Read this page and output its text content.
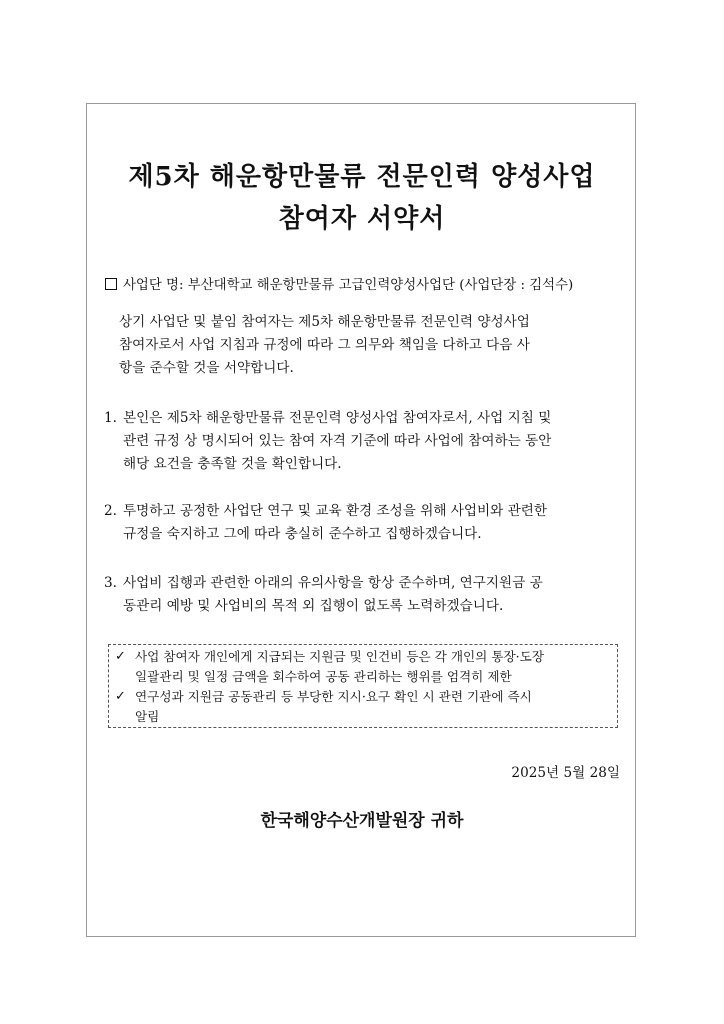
제5차 해운항만물류 전문인력 양성사업
참여자 서약서
사업단 명: 부산대학교 해운항만물류 고급인력양성사업단 (사업단장 : 김석수)
상기 사업단 및 붙임 참여자는 제5차 해운항만물류 전문인력 양성사업
참여자로서 사업 지침과 규정에 따라 그 의무와 책임을 다하고 다음 사
항을 준수할 것을 서약합니다.
1. 본인은 제5차 해운항만물류 전문인력 양성사업 참여자로서, 사업 지침 및
관련 규정 상 명시되어 있는 참여 자격 기준에 따라 사업에 참여하는 동안
해당 요건을 충족할 것을 확인합니다.
2. 투명하고 공정한 사업단 연구 및 교육 환경 조성을 위해 사업비와 관련한
규정을 숙지하고 그에 따라 충실히 준수하고 집행하겠습니다.
3. 사업비 집행과 관련한 아래의 유의사항을 항상 준수하며, 연구지원금 공
동관리 예방 및 사업비의 목적 외 집행이 없도록 노력하겠습니다.
✓ 사업 참여자 개인에게 지급되는 지원금 및 인건비 등은 각 개인의 통장·도장
일괄관리 및 일정 금액을 회수하여 공동 관리하는 행위를 엄격히 제한
✓ 연구성과 지원금 공동관리 등 부당한 지시·요구 확인 시 관련 기관에 즉시
알림
2025년 5월 28일
한국해양수산개발원장 귀하
